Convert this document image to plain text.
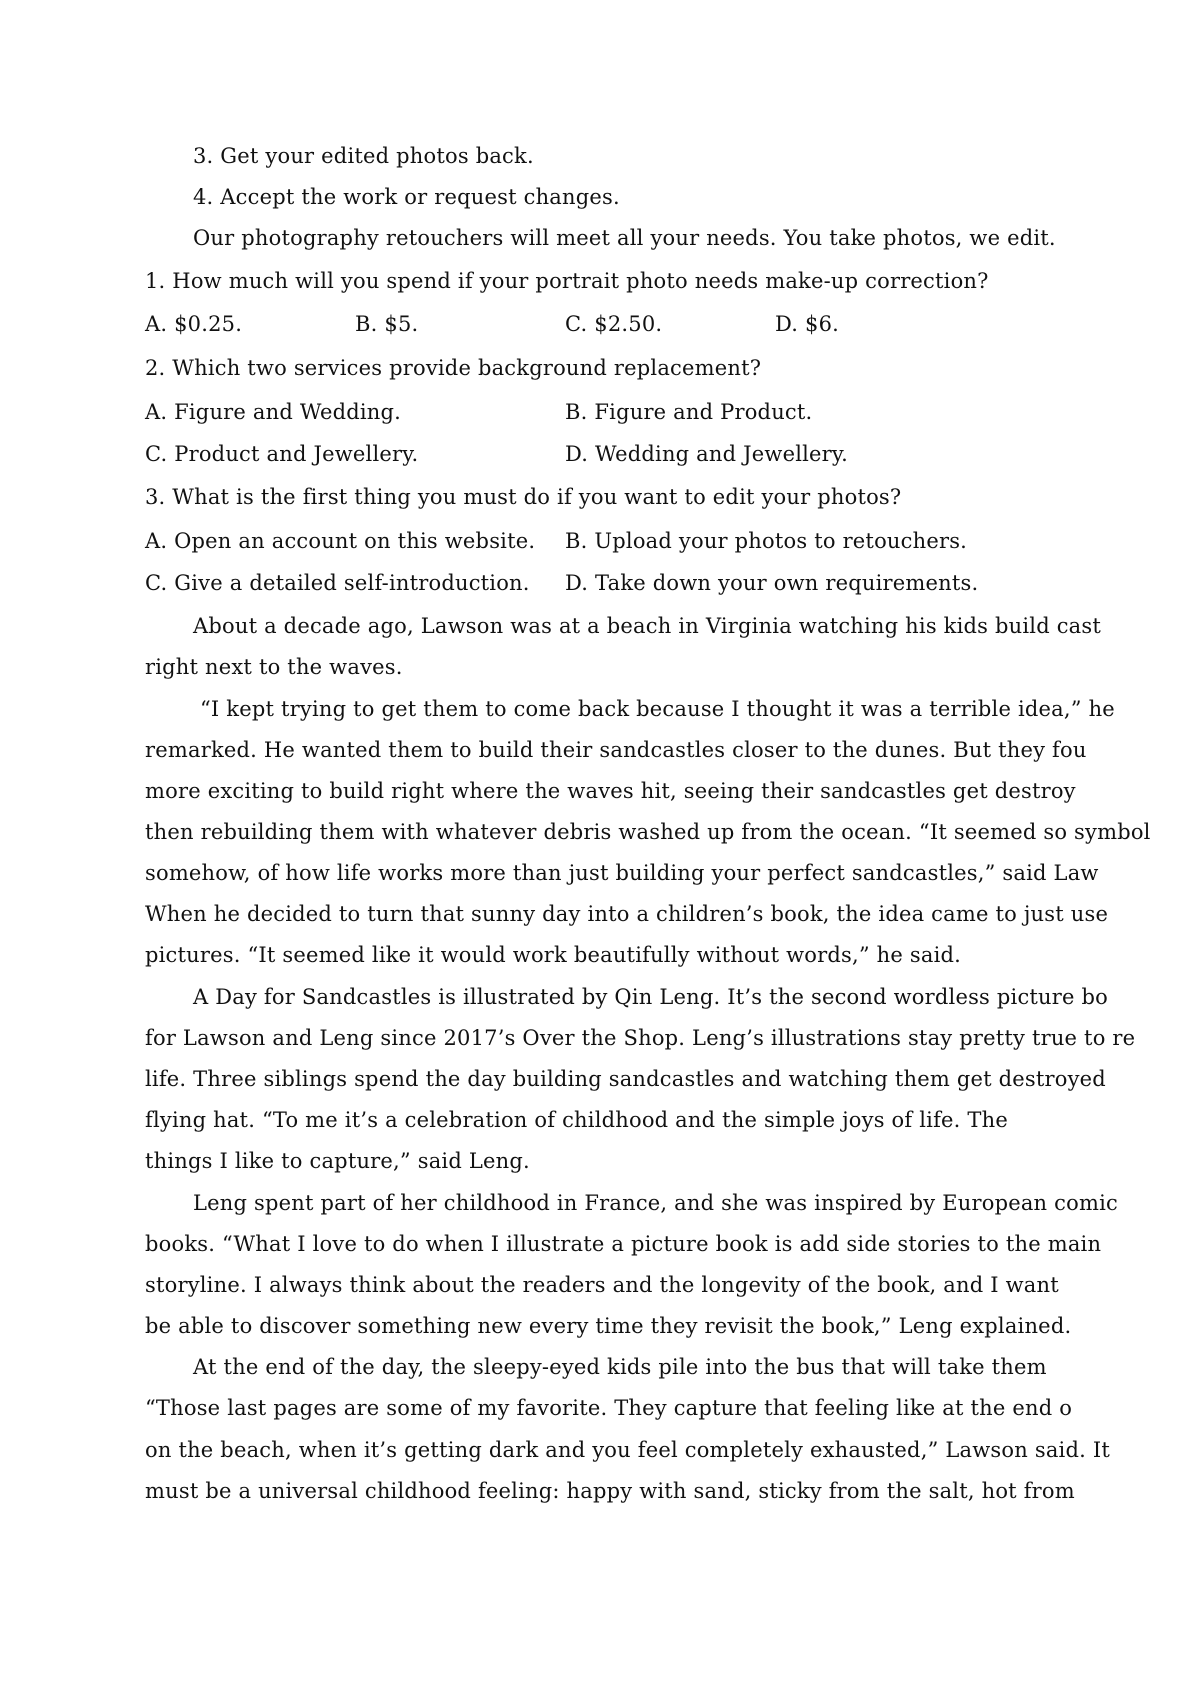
3. Get your edited photos back.
4. Accept the work or request changes.
Our photography retouchers will meet all your needs. You take photos, we edit.
1. How much will you spend if your portrait photo needs make-up correction?
A. $0.25.	B. $5.	C. $2.50.	D. $6.
2. Which two services provide background replacement?
A. Figure and Wedding.	B. Figure and Product.
C. Product and Jewellery.	D. Wedding and Jewellery.
3. What is the first thing you must do if you want to edit your photos?
A. Open an account on this website. B. Upload your photos to retouchers.
C. Give a detailed self-introduction. D. Take down your own requirements.
About a decade ago, Lawson was at a beach in Virginia watching his kids build cast
right next to the waves.
“I kept trying to get them to come back because I thought it was a terrible idea,” he
remarked. He wanted them to build their sandcastles closer to the dunes. But they fou
more exciting to build right where the waves hit, seeing their sandcastles get destroy
then rebuilding them with whatever debris washed up from the ocean. “It seemed so symbol
somehow, of how life works more than just building your perfect sandcastles,” said Law
When he decided to turn that sunny day into a children’s book, the idea came to just use
pictures. “It seemed like it would work beautifully without words,” he said.
A Day for Sandcastles is illustrated by Qin Leng. It’s the second wordless picture bo
for Lawson and Leng since 2017’s Over the Shop. Leng’s illustrations stay pretty true to re
life. Three siblings spend the day building sandcastles and watching them get destroyed
flying hat. “To me it’s a celebration of childhood and the simple joys of life. The
things I like to capture,” said Leng.
Leng spent part of her childhood in France, and she was inspired by European comic
books. “What I love to do when I illustrate a picture book is add side stories to the main
storyline. I always think about the readers and the longevity of the book, and I want
be able to discover something new every time they revisit the book,” Leng explained.
At the end of the day, the sleepy-eyed kids pile into the bus that will take them
“Those last pages are some of my favorite. They capture that feeling like at the end o
on the beach, when it’s getting dark and you feel completely exhausted,” Lawson said. It
must be a universal childhood feeling: happy with sand, sticky from the salt, hot from
